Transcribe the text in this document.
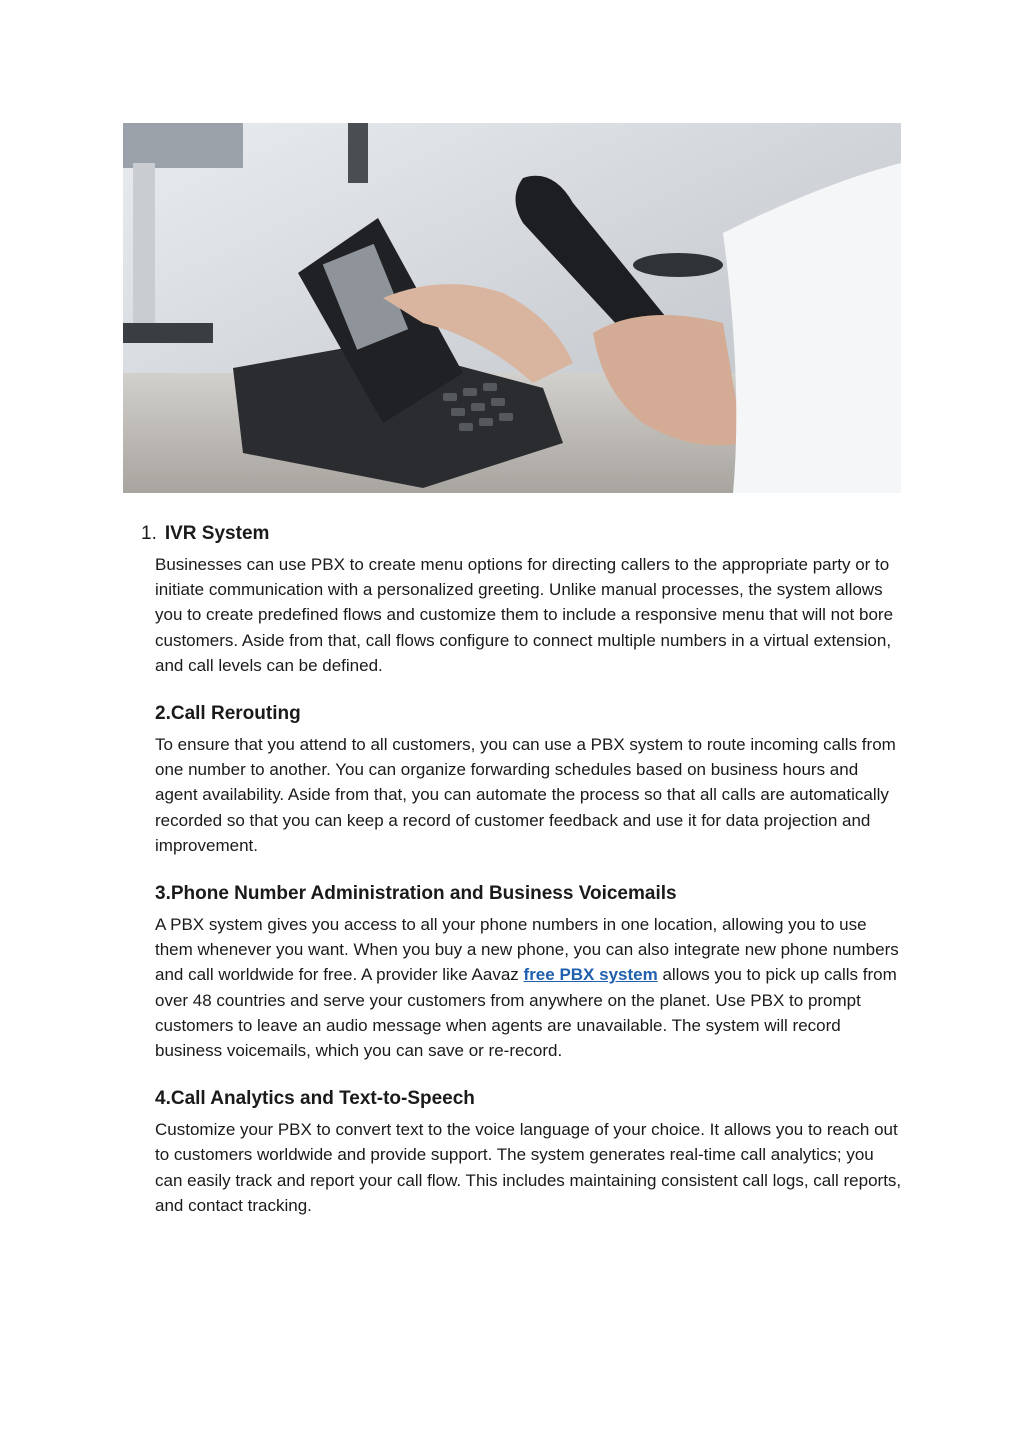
1. IVR System

Businesses can use PBX to create menu options for directing callers to the appropriate party or to initiate communication with a personalized greeting. Unlike manual processes, the system allows you to create predefined flows and customize them to include a responsive menu that will not bore customers. Aside from that, call flows configure to connect multiple numbers in a virtual extension, and call levels can be defined.

2.Call Rerouting

To ensure that you attend to all customers, you can use a PBX system to route incoming calls from one number to another. You can organize forwarding schedules based on business hours and agent availability. Aside from that, you can automate the process so that all calls are automatically recorded so that you can keep a record of customer feedback and use it for data projection and improvement.

3.Phone Number Administration and Business Voicemails

A PBX system gives you access to all your phone numbers in one location, allowing you to use them whenever you want. When you buy a new phone, you can also integrate new phone numbers and call worldwide for free. A provider like Aavaz free PBX system allows you to pick up calls from over 48 countries and serve your customers from anywhere on the planet. Use PBX to prompt customers to leave an audio message when agents are unavailable. The system will record business voicemails, which you can save or re-record.

4.Call Analytics and Text-to-Speech

Customize your PBX to convert text to the voice language of your choice. It allows you to reach out to customers worldwide and provide support. The system generates real-time call analytics; you can easily track and report your call flow. This includes maintaining consistent call logs, call reports, and contact tracking.
